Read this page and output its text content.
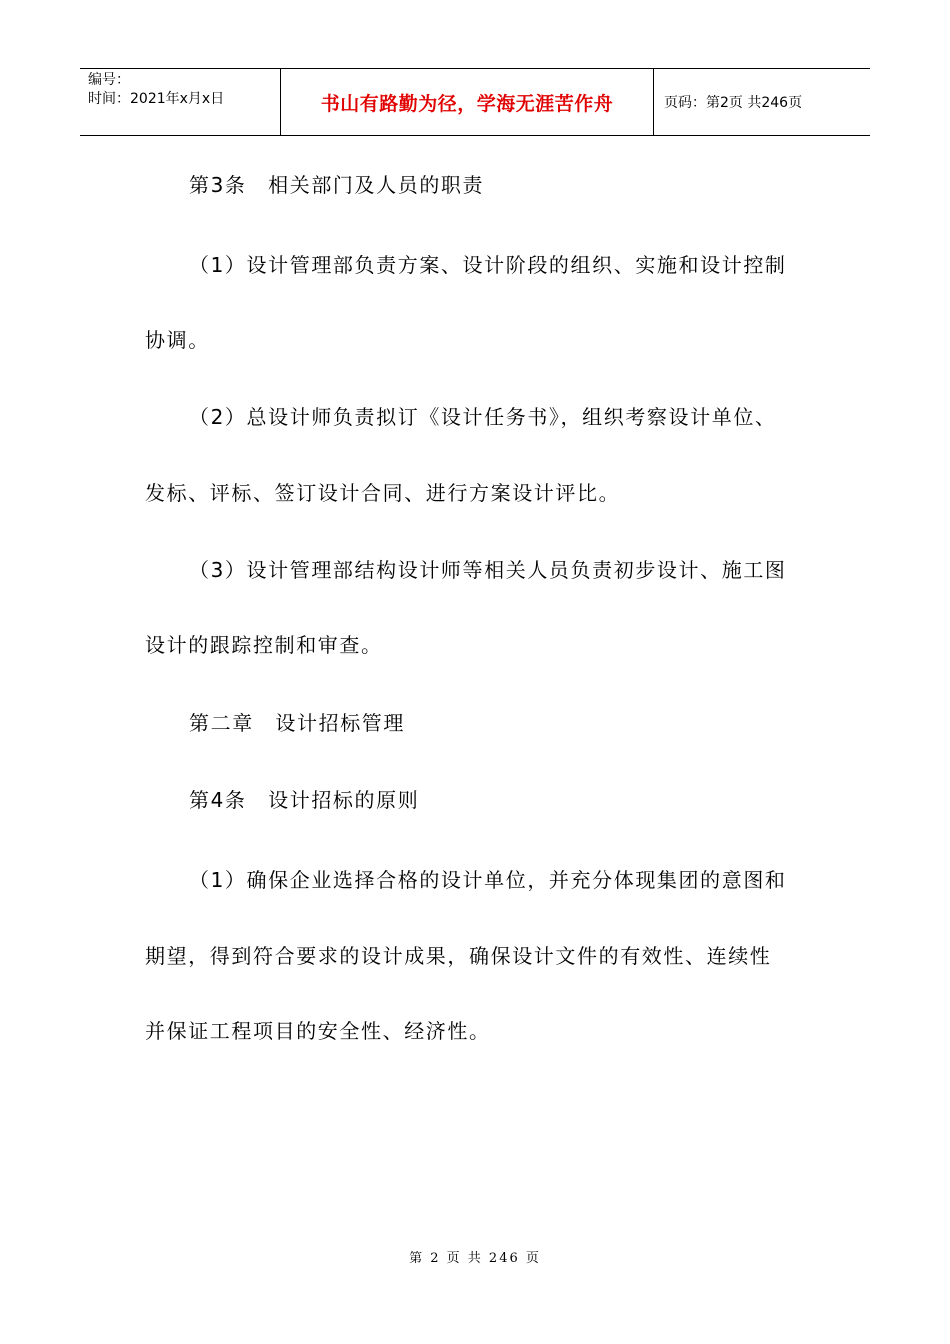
编号：
时间：2021年x月x日	书山有路勤为径，学海无涯苦作舟	页码：第2页 共246页
第3条　相关部门及人员的职责
（1）设计管理部负责方案、设计阶段的组织、实施和设计控制
协调。
（2）总设计师负责拟订《设计任务书》，组织考察设计单位、
发标、评标、签订设计合同、进行方案设计评比。
（3）设计管理部结构设计师等相关人员负责初步设计、施工图
设计的跟踪控制和审查。
第二章　设计招标管理
第4条　设计招标的原则
（1）确保企业选择合格的设计单位，并充分体现集团的意图和
期望，得到符合要求的设计成果，确保设计文件的有效性、连续性
并保证工程项目的安全性、经济性。
第 2 页 共 246 页
